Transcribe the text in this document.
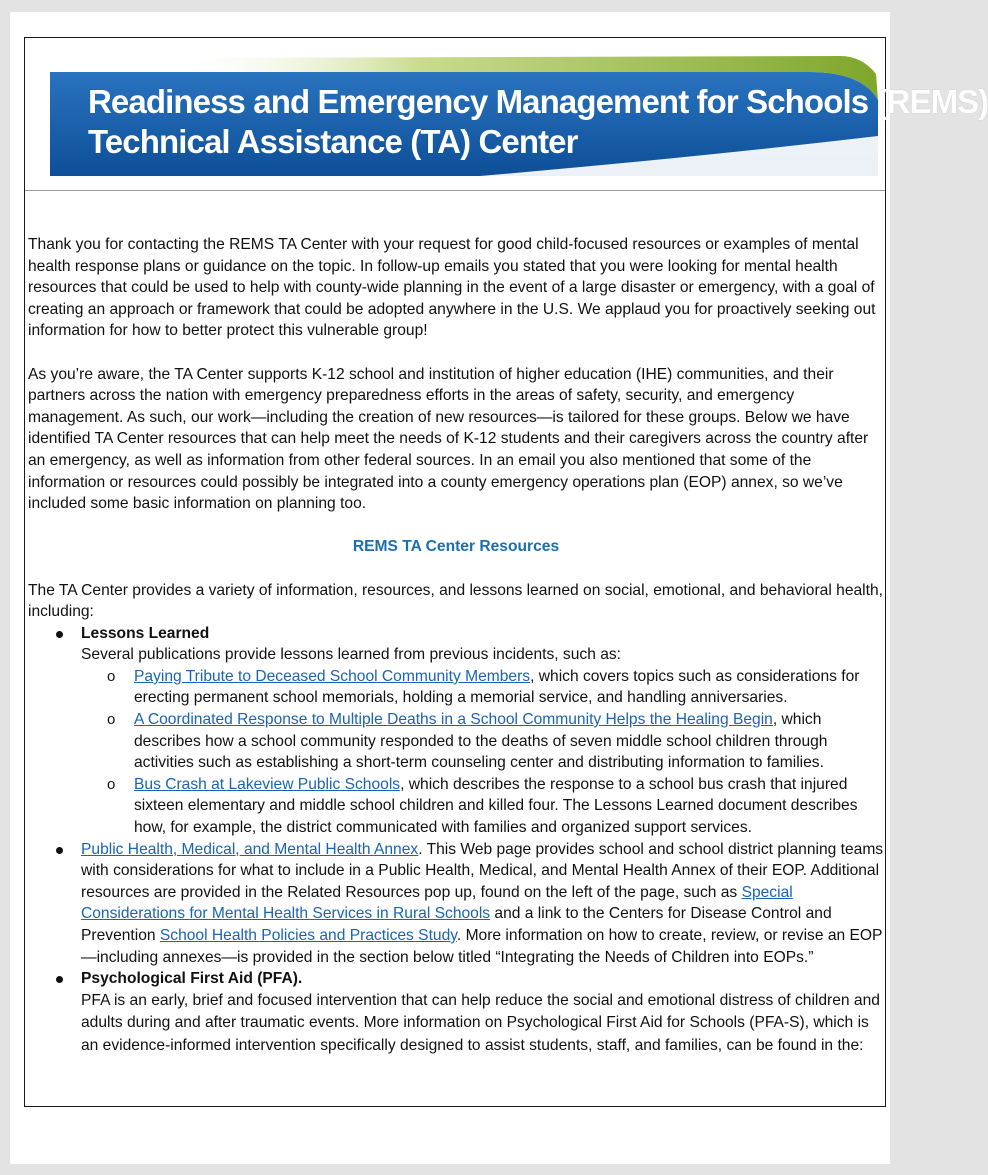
Readiness and Emergency Management for Schools (REMS)
Technical Assistance (TA) Center

Thank you for contacting the REMS TA Center with your request for good child-focused resources or examples of mental health response plans or guidance on the topic. In follow-up emails you stated that you were looking for mental health resources that could be used to help with county-wide planning in the event of a large disaster or emergency, with a goal of creating an approach or framework that could be adopted anywhere in the U.S. We applaud you for proactively seeking out information for how to better protect this vulnerable group!

As you’re aware, the TA Center supports K-12 school and institution of higher education (IHE) communities, and their partners across the nation with emergency preparedness efforts in the areas of safety, security, and emergency management. As such, our work—including the creation of new resources—is tailored for these groups. Below we have identified TA Center resources that can help meet the needs of K-12 students and their caregivers across the country after an emergency, as well as information from other federal sources. In an email you also mentioned that some of the information or resources could possibly be integrated into a county emergency operations plan (EOP) annex, so we’ve included some basic information on planning too.

REMS TA Center Resources

The TA Center provides a variety of information, resources, and lessons learned on social, emotional, and behavioral health, including:

Lessons Learned
Several publications provide lessons learned from previous incidents, such as:
o Paying Tribute to Deceased School Community Members, which covers topics such as considerations for erecting permanent school memorials, holding a memorial service, and handling anniversaries.
o A Coordinated Response to Multiple Deaths in a School Community Helps the Healing Begin, which describes how a school community responded to the deaths of seven middle school children through activities such as establishing a short-term counseling center and distributing information to families.
o Bus Crash at Lakeview Public Schools, which describes the response to a school bus crash that injured sixteen elementary and middle school children and killed four. The Lessons Learned document describes how, for example, the district communicated with families and organized support services.
Public Health, Medical, and Mental Health Annex. This Web page provides school and school district planning teams with considerations for what to include in a Public Health, Medical, and Mental Health Annex of their EOP. Additional resources are provided in the Related Resources pop up, found on the left of the page, such as Special Considerations for Mental Health Services in Rural Schools and a link to the Centers for Disease Control and Prevention School Health Policies and Practices Study. More information on how to create, review, or revise an EOP—including annexes—is provided in the section below titled “Integrating the Needs of Children into EOPs.”
Psychological First Aid (PFA).
PFA is an early, brief and focused intervention that can help reduce the social and emotional distress of children and adults during and after traumatic events. More information on Psychological First Aid for Schools (PFA-S), which is an evidence-informed intervention specifically designed to assist students, staff, and families, can be found in the:
